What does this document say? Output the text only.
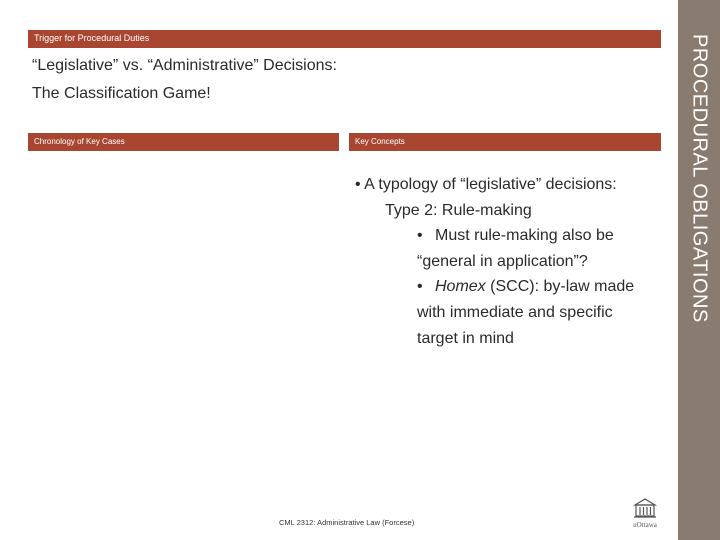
PROCEDURAL OBLIGATIONS
Trigger for Procedural Duties
“Legislative” vs. “Administrative” Decisions:
The Classification Game!
Chronology of Key Cases	Key Concepts
• A typology of “legislative” decisions:
Type 2: Rule-making
• Must rule-making also be
“general in application”?
• Homex (SCC): by-law made
with immediate and specific
target in mind
CML 2312: Administrative Law (Forcese)	uOttawa
